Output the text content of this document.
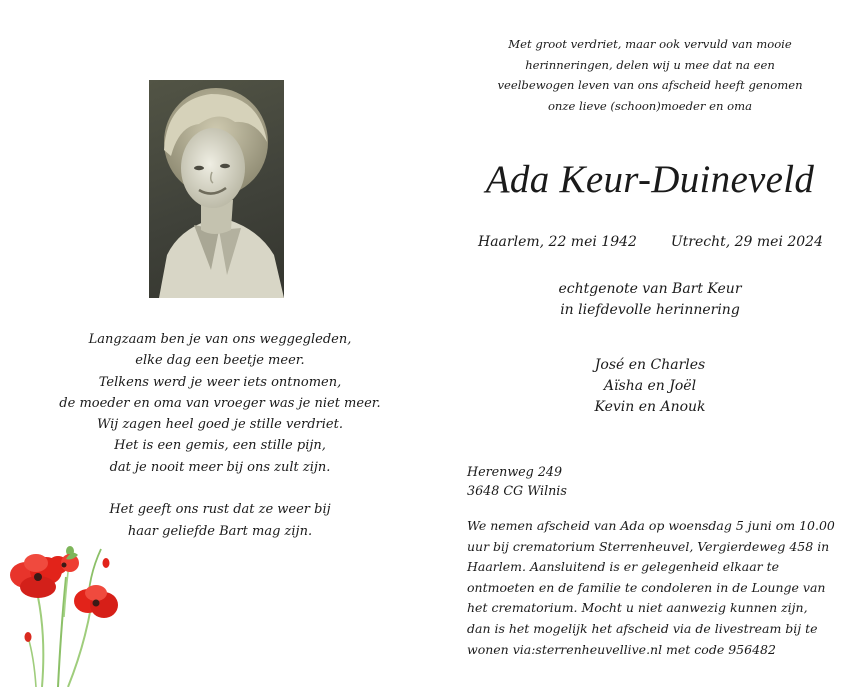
Langzaam ben je van ons weggegleden,
elke dag een beetje meer.
Telkens werd je weer iets ontnomen,
de moeder en oma van vroeger was je niet meer.
Wij zagen heel goed je stille verdriet.
Het is een gemis, een stille pijn,
dat je nooit meer bij ons zult zijn.
Het geeft ons rust dat ze weer bij
haar geliefde Bart mag zijn.
Met groot verdriet, maar ook vervuld van mooie
herinneringen, delen wij u mee dat na een
veelbewogen leven van ons afscheid heeft genomen
onze lieve (schoon)moeder en oma
Ada Keur-Duineveld
Haarlem, 22 mei 1942 Utrecht, 29 mei 2024
echtgenote van Bart Keur
in liefdevolle herinnering
José en Charles
Aïsha en Joël
Kevin en Anouk
Herenweg 249
3648 CG Wilnis
We nemen afscheid van Ada op woensdag 5 juni om 10.00
uur bij crematorium Sterrenheuvel, Vergierdeweg 458 in
Haarlem. Aansluitend is er gelegenheid elkaar te
ontmoeten en de familie te condoleren in de Lounge van
het crematorium. Mocht u niet aanwezig kunnen zijn,
dan is het mogelijk het afscheid via de livestream bij te
wonen via:sterrenheuvellive.nl met code 956482
